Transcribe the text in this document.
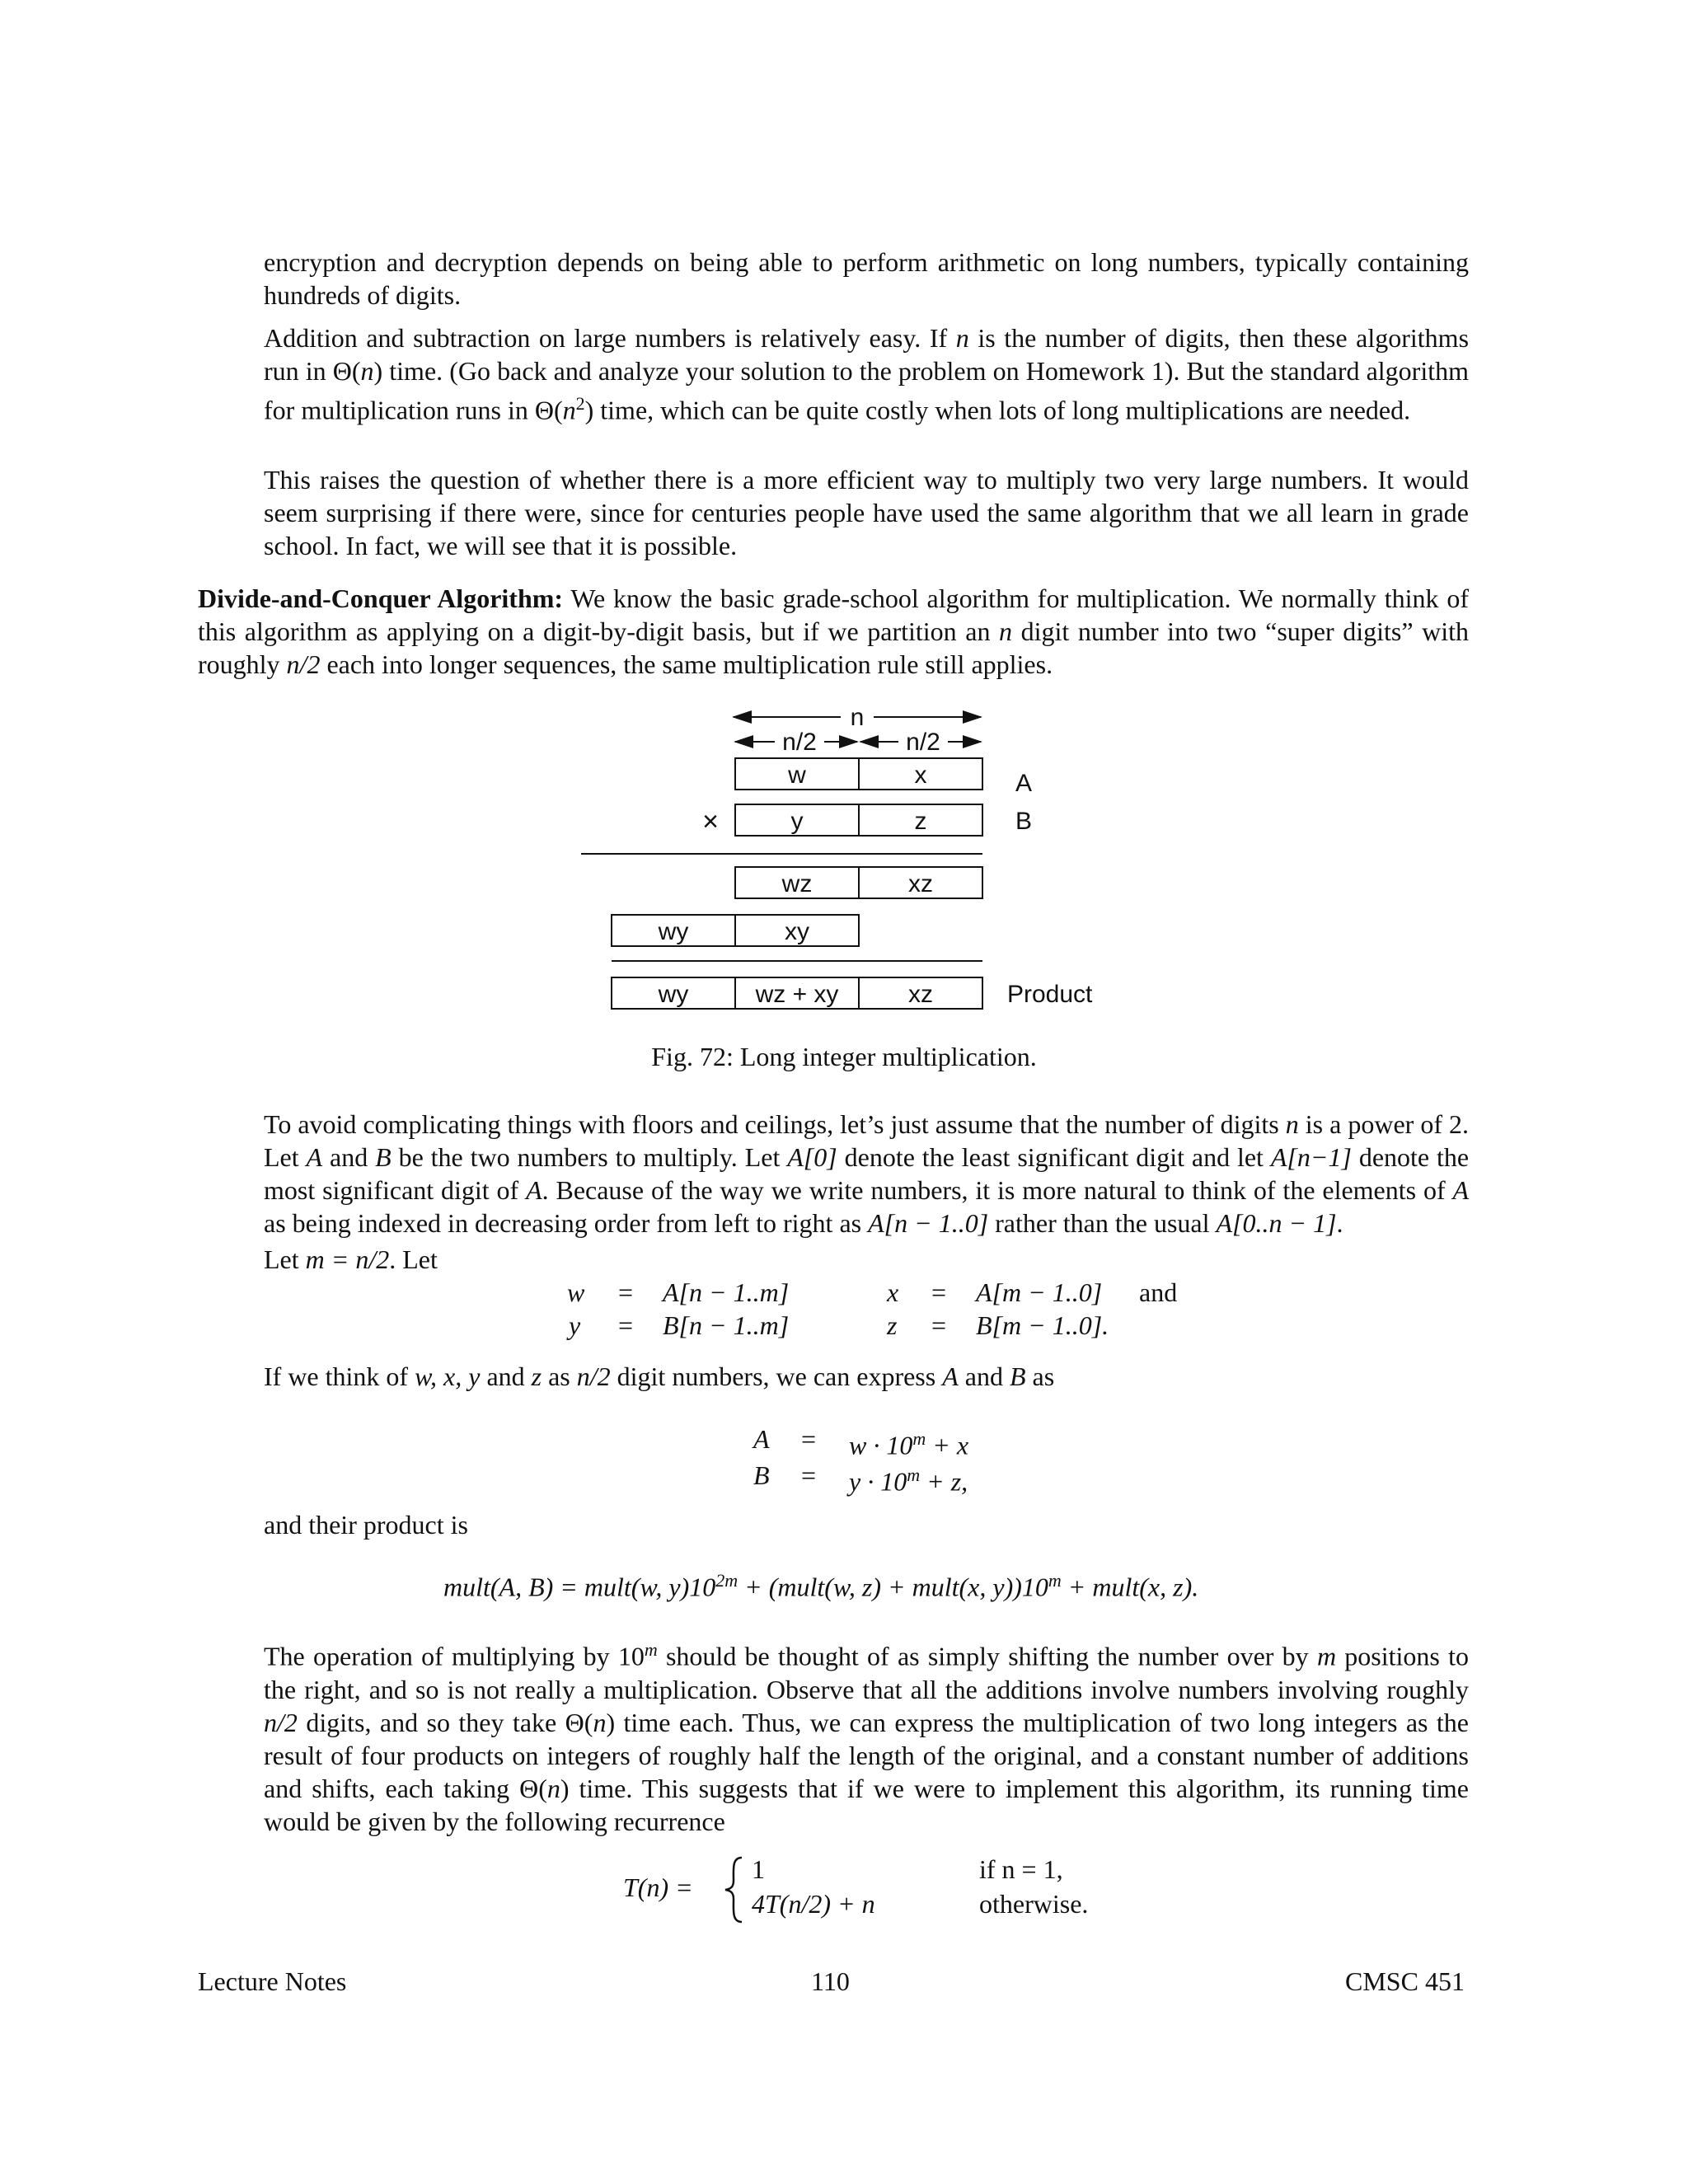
encryption and decryption depends on being able to perform arithmetic on long numbers, typically containing hundreds of digits.

Addition and subtraction on large numbers is relatively easy. If n is the number of digits, then these algorithms run in Θ(n) time. (Go back and analyze your solution to the problem on Homework 1). But the standard algorithm for multiplication runs in $\Theta(n^2)$ time, which can be quite costly when lots of long multiplications are needed.

This raises the question of whether there is a more efficient way to multiply two very large numbers. It would seem surprising if there were, since for centuries people have used the same algorithm that we all learn in grade school. In fact, we will see that it is possible.

Divide-and-Conquer Algorithm: We know the basic grade-school algorithm for multiplication. We normally think of this algorithm as applying on a digit-by-digit basis, but if we partition an n digit number into two “super digits” with roughly n/2 each into longer sequences, the same multiplication rule still applies.

n
n/2	n/2
w	x	A
×	y	z	B
wz	xz
wy	xy
wy	wz + xy	xz	Product
Fig. 72: Long integer multiplication.

To avoid complicating things with floors and ceilings, let’s just assume that the number of digits n is a power of 2. Let A and B be the two numbers to multiply. Let A[0] denote the least significant digit and let A[n−1] denote the most significant digit of A. Because of the way we write numbers, it is more natural to think of the elements of A as being indexed in decreasing order from left to right as A[n − 1..0] rather than the usual A[0..n − 1].

Let m = n/2. Let

w = A[n − 1..m]	x = A[m − 1..0] and
y = B[n − 1..m]	z = B[m − 1..0].

If we think of w, x, y and z as n/2 digit numbers, we can express A and B as

$A = w \cdot 10^m + x$
$B = y \cdot 10^m + z$,

and their product is

mult(A, B) = mult(w, $y)10^{2m}$ + (mult(w, z) + mult(x, $y))10^m$ + mult(x, z).

The operation of multiplying by 10$^m$ should be thought of as simply shifting the number over by m positions to the right, and so is not really a multiplication. Observe that all the additions involve numbers involving roughly n/2 digits, and so they take Θ(n) time each. Thus, we can express the multiplication of two long integers as the result of four products on integers of roughly half the length of the original, and a constant number of additions and shifts, each taking Θ(n) time. This suggests that if we were to implement this algorithm, its running time would be given by the following recurrence

T(n) =
1	if n = 1,
4T(n/2) + n	otherwise.
Lecture Notes	110	CMSC 451
